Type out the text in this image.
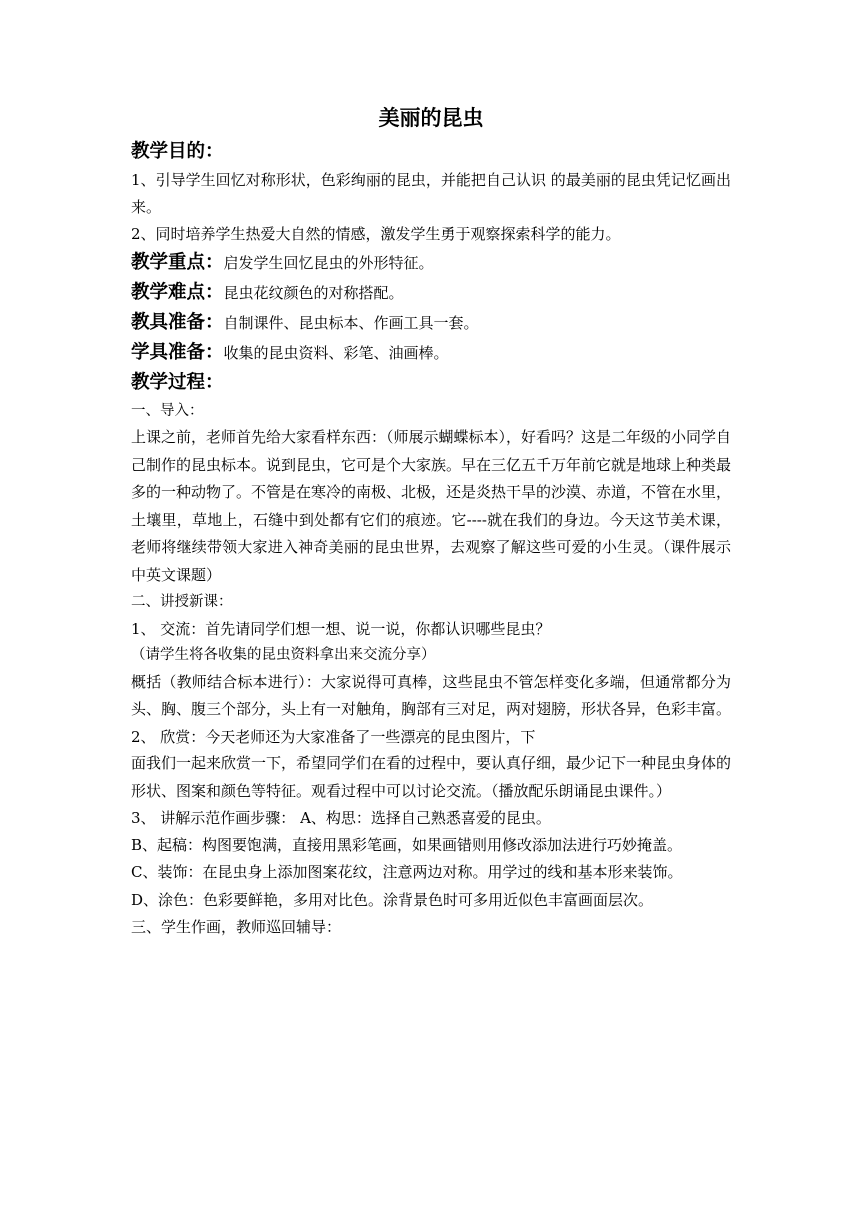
美丽的昆虫
教学目的：

1、引导学生回忆对称形状，色彩绚丽的昆虫，并能把自己认识 的最美丽的昆虫凭记忆画出来。

2、同时培养学生热爱大自然的情感，激发学生勇于观察探索科学的能力。

教学重点：启发学生回忆昆虫的外形特征。
教学难点：昆虫花纹颜色的对称搭配。
教具准备：自制课件、昆虫标本、作画工具一套。
学具准备：收集的昆虫资料、彩笔、油画棒。
教学过程：

一、导入：

上课之前，老师首先给大家看样东西：（师展示蝴蝶标本），好看吗？这是二年级的小同学自己制作的昆虫标本。说到昆虫，它可是个大家族。早在三亿五千万年前它就是地球上种类最多的一种动物了。不管是在寒冷的南极、北极，还是炎热干旱的沙漠、赤道，不管在水里，土壤里，草地上，石缝中到处都有它们的痕迹。它----就在我们的身边。今天这节美术课，老师将继续带领大家进入神奇美丽的昆虫世界，去观察了解这些可爱的小生灵。（课件展示中英文课题）

二、讲授新课：

1、 交流：首先请同学们想一想、说一说，你都认识哪些昆虫？

（请学生将各收集的昆虫资料拿出来交流分享）

概括（教师结合标本进行）：大家说得可真棒，这些昆虫不管怎样变化多端，但通常都分为头、胸、腹三个部分，头上有一对触角，胸部有三对足，两对翅膀，形状各异，色彩丰富。

2、 欣赏：今天老师还为大家准备了一些漂亮的昆虫图片，下

面我们一起来欣赏一下，希望同学们在看的过程中，要认真仔细，最少记下一种昆虫身体的形状、图案和颜色等特征。观看过程中可以讨论交流。（播放配乐朗诵昆虫课件。）

3、 讲解示范作画步骤： A、构思：选择自己熟悉喜爱的昆虫。

B、起稿：构图要饱满，直接用黑彩笔画，如果画错则用修改添加法进行巧妙掩盖。

C、装饰：在昆虫身上添加图案花纹，注意两边对称。用学过的线和基本形来装饰。

D、涂色：色彩要鲜艳，多用对比色。涂背景色时可多用近似色丰富画面层次。

三、学生作画，教师巡回辅导：
